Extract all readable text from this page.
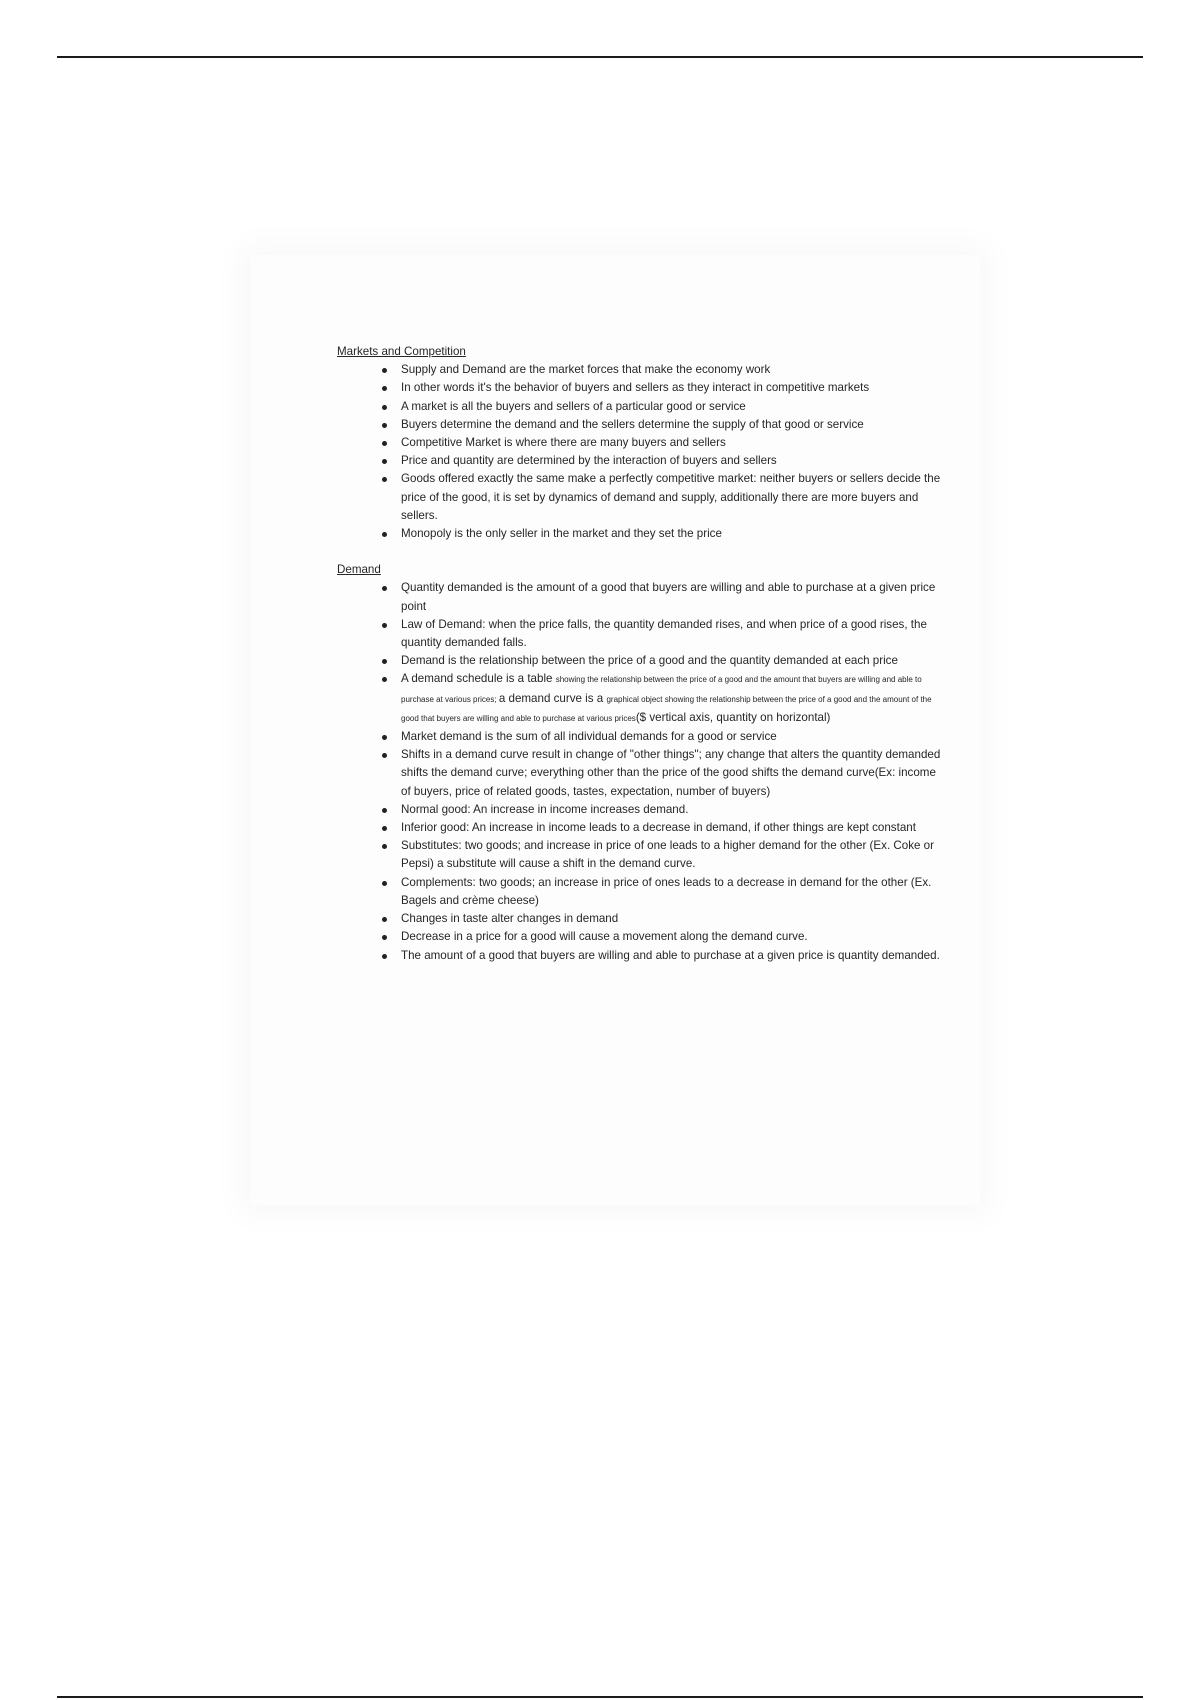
Markets and Competition
Supply and Demand are the market forces that make the economy work
In other words it's the behavior of buyers and sellers as they interact in competitive markets
A market is all the buyers and sellers of a particular good or service
Buyers determine the demand and the sellers determine the supply of that good or service
Competitive Market is where there are many buyers and sellers
Price and quantity are determined by the interaction of buyers and sellers
Goods offered exactly the same make a perfectly competitive market: neither buyers or sellers decide the price of the good, it is set by dynamics of demand and supply, additionally there are more buyers and sellers.
Monopoly is the only seller in the market and they set the price
Demand
Quantity demanded is the amount of a good that buyers are willing and able to purchase at a given price point
Law of Demand: when the price falls, the quantity demanded rises, and when price of a good rises, the quantity demanded falls.
Demand is the relationship between the price of a good and the quantity demanded at each price
A demand schedule is a table showing the relationship between the price of a good and the amount that buyers are willing and able to purchase at various prices; a demand curve is a graphical object showing the relationship between the price of a good and the amount of the good that buyers are willing and able to purchase at various prices($ vertical axis, quantity on horizontal)
Market demand is the sum of all individual demands for a good or service
Shifts in a demand curve result in change of "other things"; any change that alters the quantity demanded shifts the demand curve; everything other than the price of the good shifts the demand curve(Ex: income of buyers, price of related goods, tastes, expectation, number of buyers)
Normal good: An increase in income increases demand.
Inferior good: An increase in income leads to a decrease in demand, if other things are kept constant
Substitutes: two goods; and increase in price of one leads to a higher demand for the other (Ex. Coke or Pepsi) a substitute will cause a shift in the demand curve.
Complements: two goods; an increase in price of ones leads to a decrease in demand for the other (Ex. Bagels and crème cheese)
Changes in taste alter changes in demand
Decrease in a price for a good will cause a movement along the demand curve.
The amount of a good that buyers are willing and able to purchase at a given price is quantity demanded.
